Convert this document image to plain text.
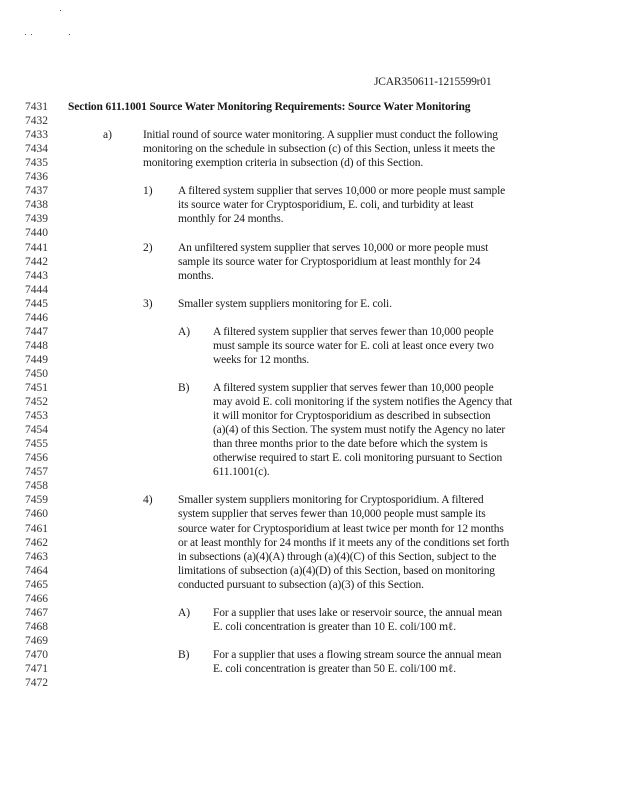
JCAR350611-1215599r01
7431 Section 611.1001 Source Water Monitoring Requirements: Source Water Monitoring
7432
7433	a)	Initial round of source water monitoring. A supplier must conduct the following
7434	monitoring on the schedule in subsection (c) of this Section, unless it meets the
7435	monitoring exemption criteria in subsection (d) of this Section.
7436
7437	1) A filtered system supplier that serves 10,000 or more people must sample
7438	its source water for Cryptosporidium, E. coli, and turbidity at least
7439	monthly for 24 months.
7440
7441	2) An unfiltered system supplier that serves 10,000 or more people must
7442	sample its source water for Cryptosporidium at least monthly for 24
7443	months.
7444
7445	3) Smaller system suppliers monitoring for E. coli.
7446
7447	A) A filtered system supplier that serves fewer than 10,000 people
7448	must sample its source water for E. coli at least once every two
7449	weeks for 12 months.
7450
7451	B) A filtered system supplier that serves fewer than 10,000 people
7452	may avoid E. coli monitoring if the system notifies the Agency that
7453	it will monitor for Cryptosporidium as described in subsection
7454	(a)(4) of this Section. The system must notify the Agency no later
7455	than three months prior to the date before which the system is
7456	otherwise required to start E. coli monitoring pursuant to Section
7457	611.1001(c).
7458
7459	4) Smaller system suppliers monitoring for Cryptosporidium. A filtered
7460	system supplier that serves fewer than 10,000 people must sample its
7461	source water for Cryptosporidium at least twice per month for 12 months
7462	or at least monthly for 24 months if it meets any of the conditions set forth
7463	in subsections (a)(4)(A) through (a)(4)(C) of this Section, subject to the
7464	limitations of subsection (a)(4)(D) of this Section, based on monitoring
7465	conducted pursuant to subsection (a)(3) of this Section.
7466
7467	A) For a supplier that uses lake or reservoir source, the annual mean
7468	E. coli concentration is greater than 10 E. coli/100 mℓ.
7469
7470	B) For a supplier that uses a flowing stream source the annual mean
7471	E. coli concentration is greater than 50 E. coli/100 mℓ.
7472
